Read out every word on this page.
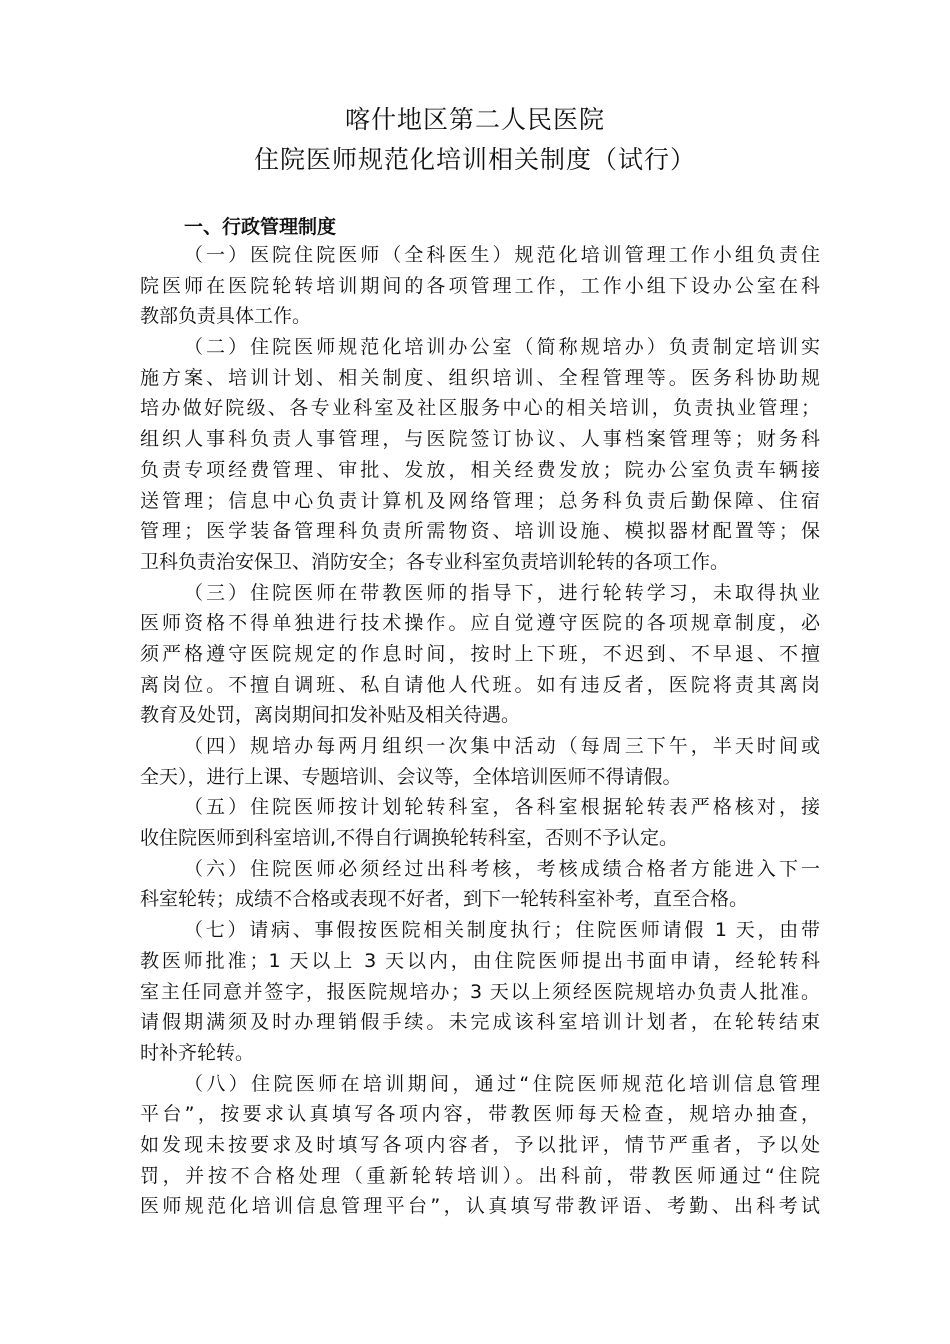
喀什地区第二人民医院
住院医师规范化培训相关制度（试行）
一、行政管理制度
（一）医院住院医师（全科医生）规范化培训管理工作小组负责住
院医师在医院轮转培训期间的各项管理工作，工作小组下设办公室在科
教部负责具体工作。
（二）住院医师规范化培训办公室（简称规培办）负责制定培训实
施方案、培训计划、相关制度、组织培训、全程管理等。医务科协助规
培办做好院级、各专业科室及社区服务中心的相关培训，负责执业管理；
组织人事科负责人事管理，与医院签订协议、人事档案管理等；财务科
负责专项经费管理、审批、发放，相关经费发放；院办公室负责车辆接
送管理；信息中心负责计算机及网络管理；总务科负责后勤保障、住宿
管理；医学装备管理科负责所需物资、培训设施、模拟器材配置等；保
卫科负责治安保卫、消防安全；各专业科室负责培训轮转的各项工作。
（三）住院医师在带教医师的指导下，进行轮转学习，未取得执业
医师资格不得单独进行技术操作。应自觉遵守医院的各项规章制度，必
须严格遵守医院规定的作息时间，按时上下班，不迟到、不早退、不擅
离岗位。不擅自调班、私自请他人代班。如有违反者，医院将责其离岗
教育及处罚，离岗期间扣发补贴及相关待遇。
（四）规培办每两月组织一次集中活动（每周三下午，半天时间或
全天），进行上课、专题培训、会议等，全体培训医师不得请假。
（五）住院医师按计划轮转科室，各科室根据轮转表严格核对，接
收住院医师到科室培训,不得自行调换轮转科室，否则不予认定。
（六）住院医师必须经过出科考核，考核成绩合格者方能进入下一
科室轮转；成绩不合格或表现不好者，到下一轮转科室补考，直至合格。
（七）请病、事假按医院相关制度执行；住院医师请假 1 天，由带
教医师批准；1 天以上 3 天以内，由住院医师提出书面申请，经轮转科
室主任同意并签字，报医院规培办；3 天以上须经医院规培办负责人批准。
请假期满须及时办理销假手续。未完成该科室培训计划者，在轮转结束
时补齐轮转。
（八）住院医师在培训期间，通过“住院医师规范化培训信息管理
平台”，按要求认真填写各项内容，带教医师每天检查，规培办抽查，
如发现未按要求及时填写各项内容者，予以批评，情节严重者，予以处
罚，并按不合格处理（重新轮转培训）。出科前，带教医师通过“住院
医师规范化培训信息管理平台”，认真填写带教评语、考勤、出科考试
